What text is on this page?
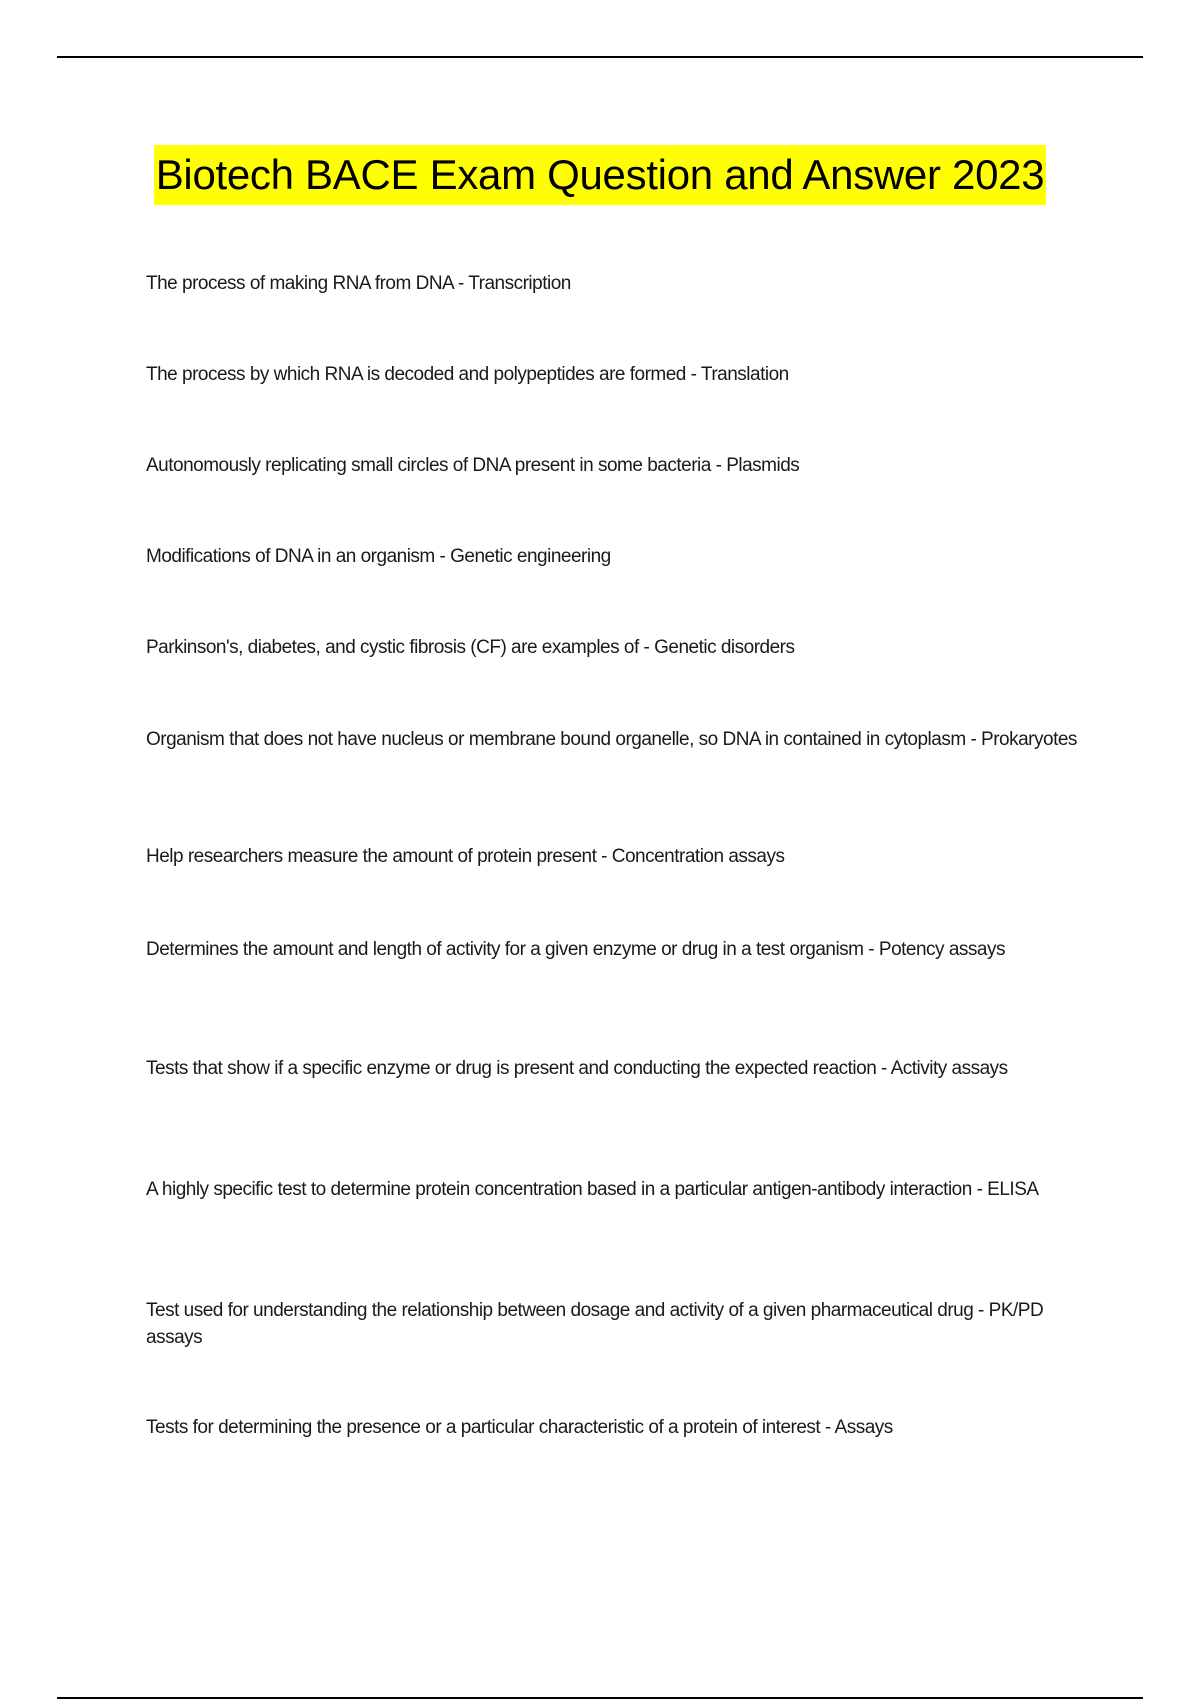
Biotech BACE Exam Question and Answer 2023

The process of making RNA from DNA - Transcription

The process by which RNA is decoded and polypeptides are formed - Translation

Autonomously replicating small circles of DNA present in some bacteria - Plasmids

Modifications of DNA in an organism - Genetic engineering

Parkinson's, diabetes, and cystic fibrosis (CF) are examples of - Genetic disorders

Organism that does not have nucleus or membrane bound organelle, so DNA in contained in cytoplasm - Prokaryotes

Help researchers measure the amount of protein present - Concentration assays

Determines the amount and length of activity for a given enzyme or drug in a test organism - Potency assays

Tests that show if a specific enzyme or drug is present and conducting the expected reaction - Activity assays

A highly specific test to determine protein concentration based in a particular antigen-antibody interaction - ELISA

Test used for understanding the relationship between dosage and activity of a given pharmaceutical drug - PK/PD assays

Tests for determining the presence or a particular characteristic of a protein of interest - Assays
